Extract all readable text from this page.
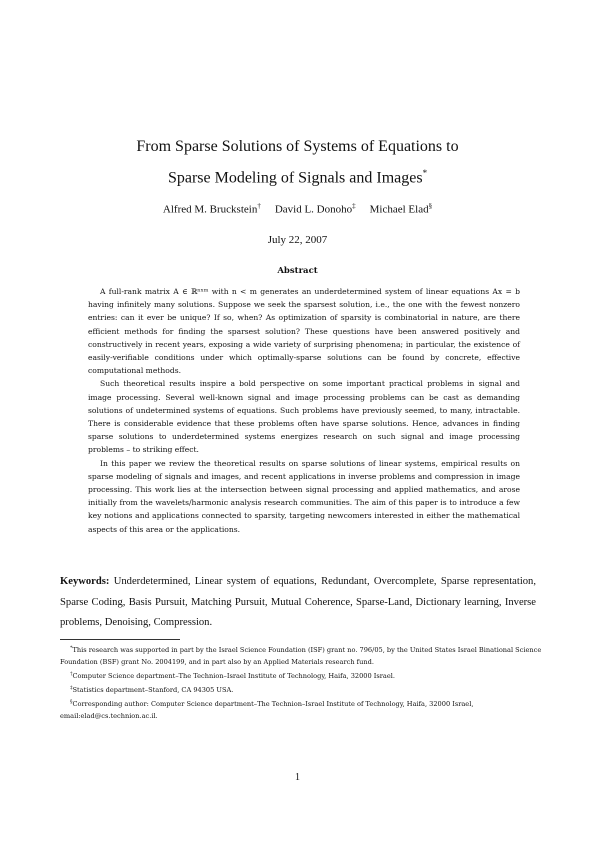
From Sparse Solutions of Systems of Equations to
Sparse Modeling of Signals and Images*
Alfred M. Bruckstein† David L. Donoho‡ Michael Elad§
July 22, 2007
Abstract

A full-rank matrix A ∈ ℝⁿˣᵐ with n < m generates an underdetermined system of linear equations Ax = b having infinitely many solutions. Suppose we seek the sparsest solution, i.e., the one with the fewest nonzero entries: can it ever be unique? If so, when? As optimization of sparsity is combinatorial in nature, are there efficient methods for finding the sparsest solution? These questions have been answered positively and constructively in recent years, exposing a wide variety of surprising phenomena; in particular, the existence of easily-verifiable conditions under which optimally-sparse solutions can be found by concrete, effective computational methods.

Such theoretical results inspire a bold perspective on some important practical problems in signal and image processing. Several well-known signal and image processing problems can be cast as demanding solutions of undetermined systems of equations. Such problems have previously seemed, to many, intractable. There is considerable evidence that these problems often have sparse solutions. Hence, advances in finding sparse solutions to underdetermined systems energizes research on such signal and image processing problems – to striking effect.

In this paper we review the theoretical results on sparse solutions of linear systems, empirical results on sparse modeling of signals and images, and recent applications in inverse problems and compression in image processing. This work lies at the intersection between signal processing and applied mathematics, and arose initially from the wavelets/harmonic analysis research communities. The aim of this paper is to introduce a few key notions and applications connected to sparsity, targeting newcomers interested in either the mathematical aspects of this area or the applications.

Keywords: Underdetermined, Linear system of equations, Redundant, Overcomplete, Sparse representation, Sparse Coding, Basis Pursuit, Matching Pursuit, Mutual Coherence, Sparse-Land, Dictionary learning, Inverse problems, Denoising, Compression.

*This research was supported in part by the Israel Science Foundation (ISF) grant no. 796/05, by the United States Israel Binational Science Foundation (BSF) grant No. 2004199, and in part also by an Applied Materials research fund.

†Computer Science department–The Technion–Israel Institute of Technology, Haifa, 32000 Israel.

‡Statistics department–Stanford, CA 94305 USA.

§Corresponding author: Computer Science department–The Technion–Israel Institute of Technology, Haifa, 32000 Israel, email:elad@cs.technion.ac.il.

1
